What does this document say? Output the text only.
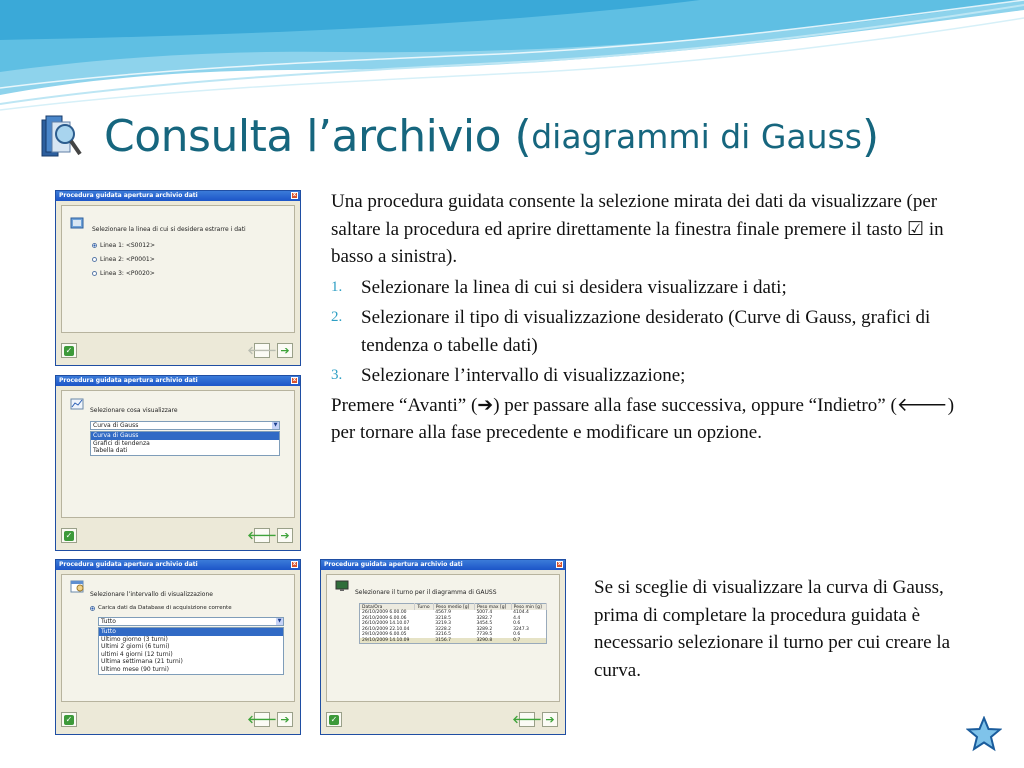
Consulta l’archivio ( diagrammi di Gauss )
Procedura guidata apertura archivio dati	x
Selezionare la linea di cui si desidera estrarre i dati
Linea 1: <S0012>
Linea 2: <P0001>
Linea 3: <P0020>
✓	🡐 ➔
Procedura guidata apertura archivio dati	x
Selezionare cosa visualizzare
Curva di Gauss	▼
Curva di Gauss
Grafici di tendenza
Tabella dati
✓	🡐 ➔
Procedura guidata apertura archivio dati	x
Selezionare l’intervallo di visualizzazione
Carica dati da Database di acquisizione corrente
Tutto	▼
Tutto
Ultimo giorno (3 turni)
Ultimi 2 giorni (6 turni)
ultimi 4 giorni (12 turni)
Ultima settimana (21 turni)
Ultimo mese (90 turni)
✓	🡐 ➔
Procedura guidata apertura archivio dati	x
Selezionare il turno per il diagramma di GAUSS
Data/Ora	Turno	Peso medio [g]	Peso max [g]	Peso min [g]
26/10/2009 6.00.00		4567.9	5007.4	4104.4
26/10/2009 6.00.06		3218.5	3282.7	4.4
26/10/2009 14.10.07		3219.3	3454.5	0.6
26/10/2009 22.10.04		3228.2	3289.2	3247.3
29/10/2009 6.00.05		3216.5	7739.5	0.6
29/10/2009 14.10.09		3156.7	3290.8	0.7
✓	🡐 ➔

Una procedura guidata consente la selezione mirata dei dati da visualizzare (per saltare la procedura ed aprire direttamente la finestra finale premere il tasto ☑ in basso a sinistra).

1. Selezionare la linea di cui si desidera visualizzare i dati;
2. Selezionare il tipo di visualizzazione desiderato (Curve di Gauss, grafici di tendenza o tabelle dati)
3. Selezionare l’intervallo di visualizzazione;

Premere “Avanti” (➔) per passare alla fase successiva, oppure “Indietro” (🡐) per tornare alla fase precedente e modificare un opzione.

Se si sceglie di visualizzare la curva di Gauss, prima di completare la procedura guidata è necessario selezionare il turno per cui creare la curva.
